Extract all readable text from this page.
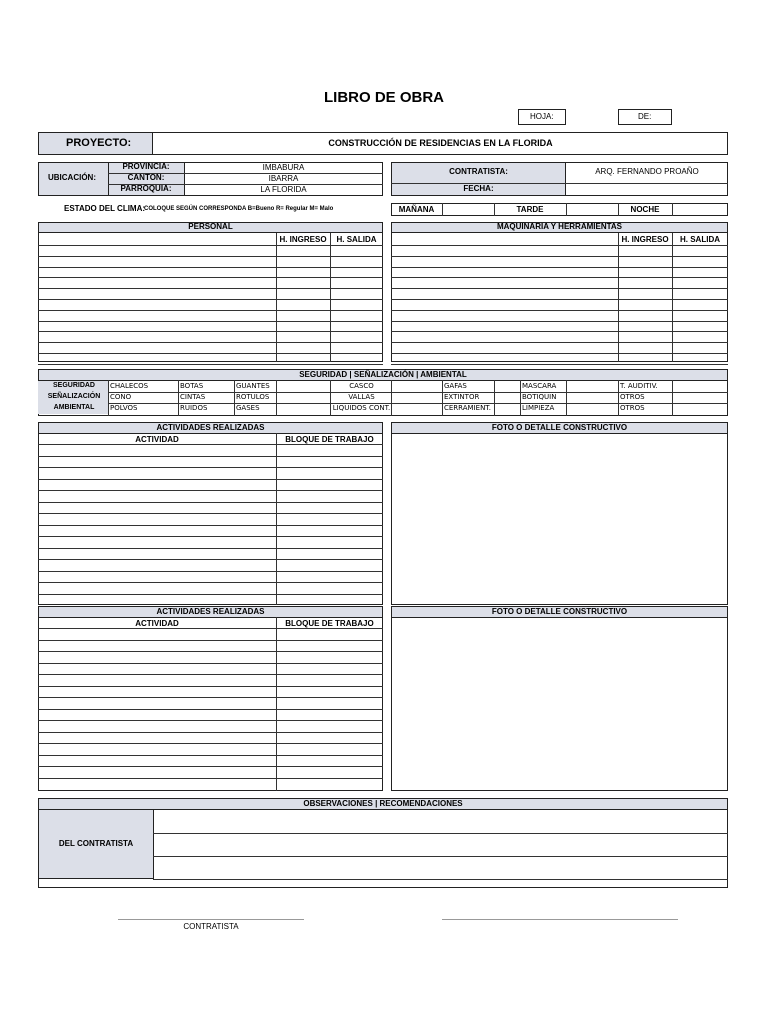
LIBRO DE OBRA
HOJA:	DE:
PROYECTO:	CONSTRUCCIÓN DE RESIDENCIAS EN LA FLORIDA
UBICACIÓN:
PROVINCIA:	IMBABURA
CANTON:	IBARRA
PARROQUIA:	LA FLORIDA
CONTRATISTA:	ARQ. FERNANDO PROAÑO
FECHA:
ESTADO DEL CLIMA:
COLOQUE SEGÚN CORRESPONDA B=Bueno R= Regular M= Malo	MAÑANA	TARDE	NOCHE
PERSONAL
H. INGRESO	H. SALIDA
MAQUINARIA Y HERRAMIENTAS
H. INGRESO	H. SALIDA
SEGURIDAD | SEÑALIZACIÓN | AMBIENTAL
SEGURIDAD	CHALECOS	BOTAS	GUANTES	CASCO	GAFAS	MASCARA	T. AUDITIV.
SEÑALIZACIÓN	CONO	CINTAS	ROTULOS	VALLAS	EXTINTOR	BOTIQUIN	OTROS
AMBIENTAL	POLVOS	RUIDOS	GASES	LIQUIDOS CONT.	CERRAMIENT.	LIMPIEZA	OTROS
ACTIVIDADES REALIZADAS
ACTIVIDAD	BLOQUE DE TRABAJO
FOTO O DETALLE CONSTRUCTIVO
ACTIVIDADES REALIZADAS
ACTIVIDAD	BLOQUE DE TRABAJO
FOTO O DETALLE CONSTRUCTIVO
OBSERVACIONES | RECOMENDACIONES
DEL CONTRATISTA
CONTRATISTA
